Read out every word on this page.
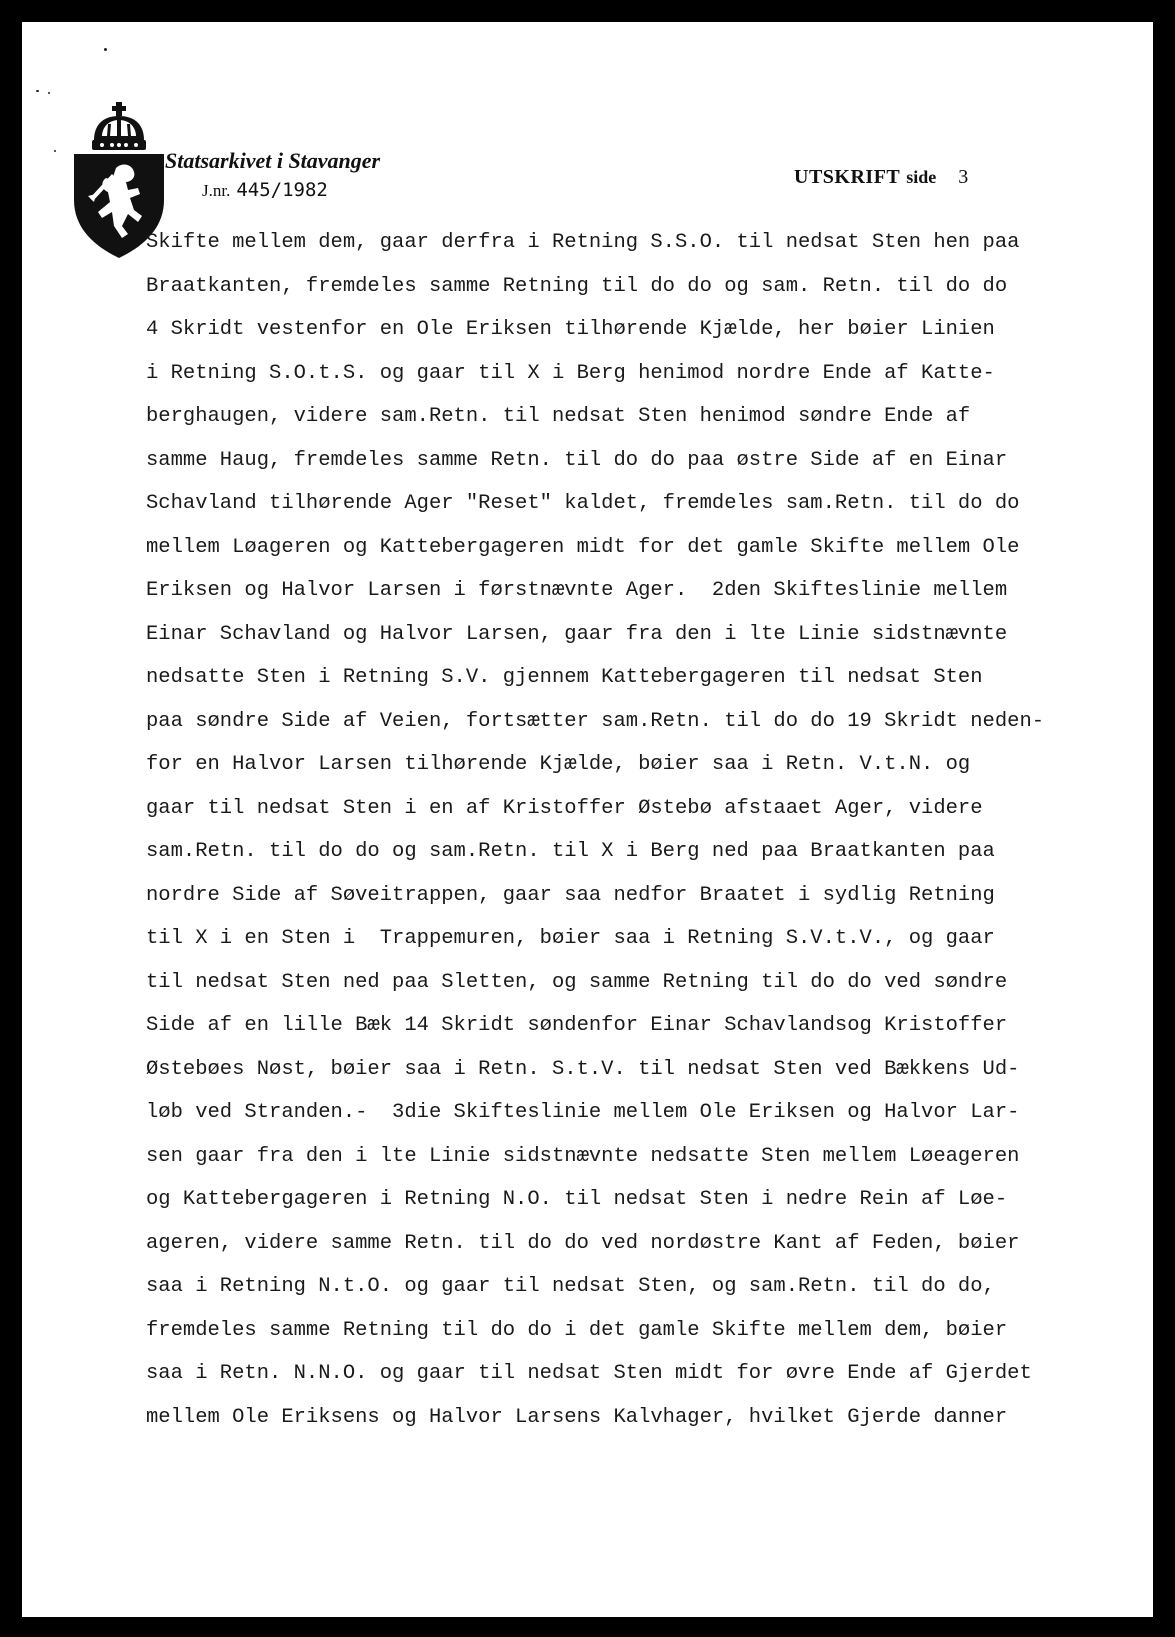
Statsarkivet i Stavanger
J.nr. 445/1982
UTSKRIFT side 3
Skifte mellem dem, gaar derfra i Retning S.S.O. til nedsat Sten hen paa
Braatkanten, fremdeles samme Retning til do do og sam. Retn. til do do
4 Skridt vestenfor en Ole Eriksen tilhørende Kjælde, her bøier Linien
i Retning S.O.t.S. og gaar til X i Berg henimod nordre Ende af Katte-
berghaugen, videre sam.Retn. til nedsat Sten henimod søndre Ende af
samme Haug, fremdeles samme Retn. til do do paa østre Side af en Einar
Schavland tilhørende Ager "Reset" kaldet, fremdeles sam.Retn. til do do
mellem Løageren og Kattebergageren midt for det gamle Skifte mellem Ole
Eriksen og Halvor Larsen i førstnævnte Ager.  2den Skifteslinie mellem
Einar Schavland og Halvor Larsen, gaar fra den i lte Linie sidstnævnte
nedsatte Sten i Retning S.V. gjennem Kattebergageren til nedsat Sten
paa søndre Side af Veien, fortsætter sam.Retn. til do do 19 Skridt neden-
for en Halvor Larsen tilhørende Kjælde, bøier saa i Retn. V.t.N. og
gaar til nedsat Sten i en af Kristoffer Østebø afstaaet Ager, videre
sam.Retn. til do do og sam.Retn. til X i Berg ned paa Braatkanten paa
nordre Side af Søveitrappen, gaar saa nedfor Braatet i sydlig Retning
til X i en Sten i  Trappemuren, bøier saa i Retning S.V.t.V., og gaar
til nedsat Sten ned paa Sletten, og samme Retning til do do ved søndre
Side af en lille Bæk 14 Skridt søndenfor Einar Schavlandsog Kristoffer
Østebøes Nøst, bøier saa i Retn. S.t.V. til nedsat Sten ved Bækkens Ud-
løb ved Stranden.-  3die Skifteslinie mellem Ole Eriksen og Halvor Lar-
sen gaar fra den i lte Linie sidstnævnte nedsatte Sten mellem Løeageren
og Kattebergageren i Retning N.O. til nedsat Sten i nedre Rein af Løe-
ageren, videre samme Retn. til do do ved nordøstre Kant af Feden, bøier
saa i Retning N.t.O. og gaar til nedsat Sten, og sam.Retn. til do do,
fremdeles samme Retning til do do i det gamle Skifte mellem dem, bøier
saa i Retn. N.N.O. og gaar til nedsat Sten midt for øvre Ende af Gjerdet
mellem Ole Eriksens og Halvor Larsens Kalvhager, hvilket Gjerde danner
